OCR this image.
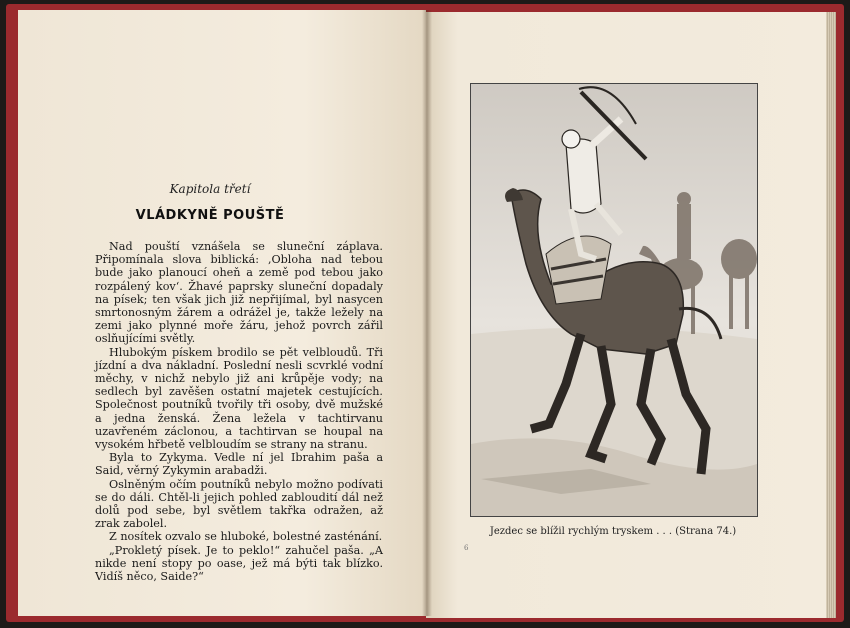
Kapitola třetí
VLÁDKYNĚ POUŠTĚ

Nad pouští vznášela se sluneční záplava. Připomínala slova biblická: ‚Obloha nad tebou bude jako planoucí oheň a země pod tebou jako rozpálený kov‘. Žhavé paprsky sluneční dopadaly na písek; ten však jich již nepřijímal, byl nasycen smrtonosným žárem a odrážel je, takže ležely na zemi jako plynné moře žáru, jehož povrch zářil oslňujícími světly.

Hlubokým pískem brodilo se pět velbloudů. Tři jízdní a dva nákladní. Poslední nesli scvrklé vodní měchy, v nichž nebylo již ani krůpěje vody; na sedlech byl zavěšen ostatní majetek cestujících. Společnost poutníků tvořily tři osoby, dvě mužské a jedna ženská. Žena ležela v tachtirvanu uzavřeném záclonou, a tachtirvan se houpal na vysokém hřbetě velbloudím se strany na stranu.

Byla to Zykyma. Vedle ní jel Ibrahim paša a Said, věrný Zykymin arabadži.

Oslněným očím poutníků nebylo možno podívati se do dáli. Chtěl-li jejich pohled zabloudití dál než dolů pod sebe, byl světlem takřka odražen, až zrak zabolel.

Z nosítek ozvalo se hluboké, bolestné zasténání.

„Prokletý písek. Je to peklo!“ zahučel paša. „A nikde není stopy po oase, jež má býti tak blízko. Vidíš něco, Saide?“

Jezdec se blížil rychlým tryskem . . . (Strana 74.)
6
